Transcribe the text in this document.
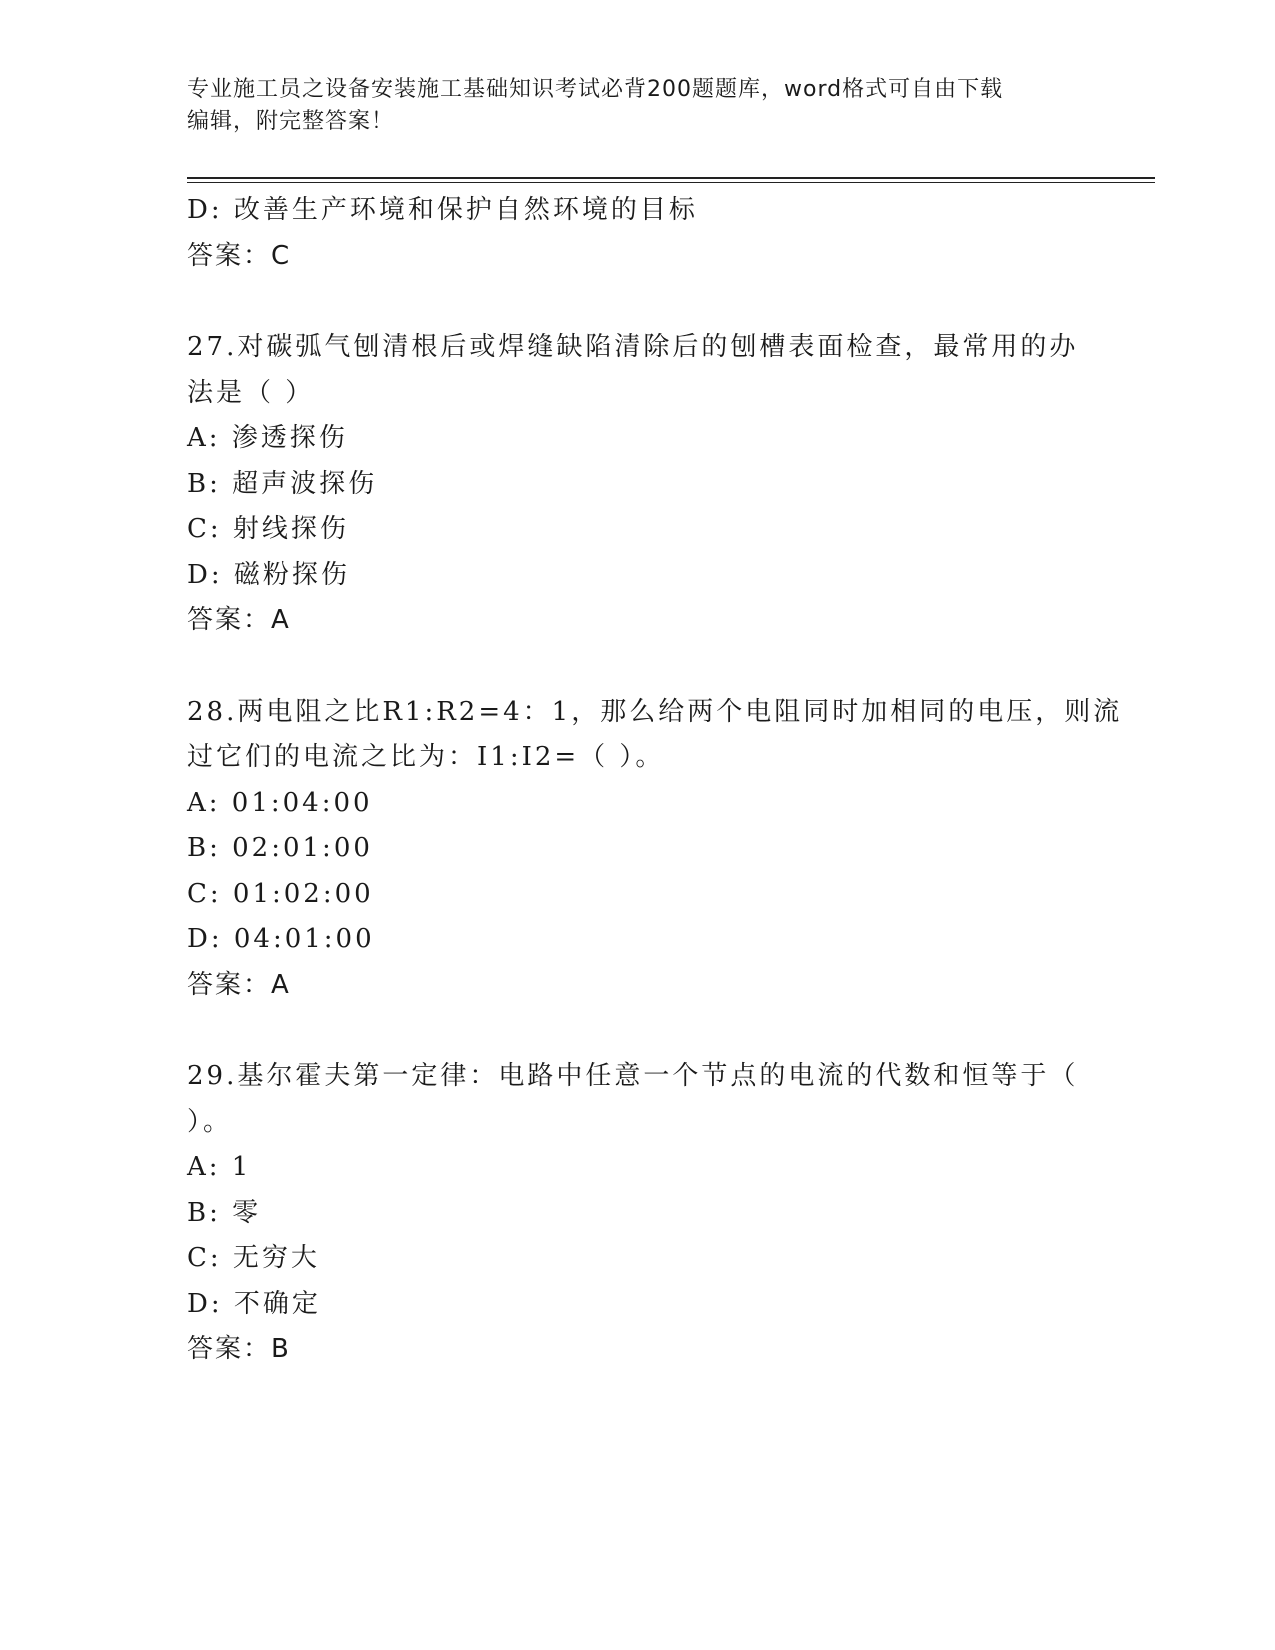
专业施工员之设备安装施工基础知识考试必背200题题库，word格式可自由下载
编辑，附完整答案！
D: 改善生产环境和保护自然环境的目标
答案：C
27.对碳弧气刨清根后或焊缝缺陷清除后的刨槽表面检查，最常用的办
法是（ ）
A: 渗透探伤
B: 超声波探伤
C: 射线探伤
D: 磁粉探伤
答案：A
28.两电阻之比R1:R2=4：1，那么给两个电阻同时加相同的电压，则流
过它们的电流之比为：I1:I2=（ ）。
A: 01:04:00
B: 02:01:00
C: 01:02:00
D: 04:01:00
答案：A
29.基尔霍夫第一定律：电路中任意一个节点的电流的代数和恒等于（
）。
A: 1
B: 零
C: 无穷大
D: 不确定
答案：B
